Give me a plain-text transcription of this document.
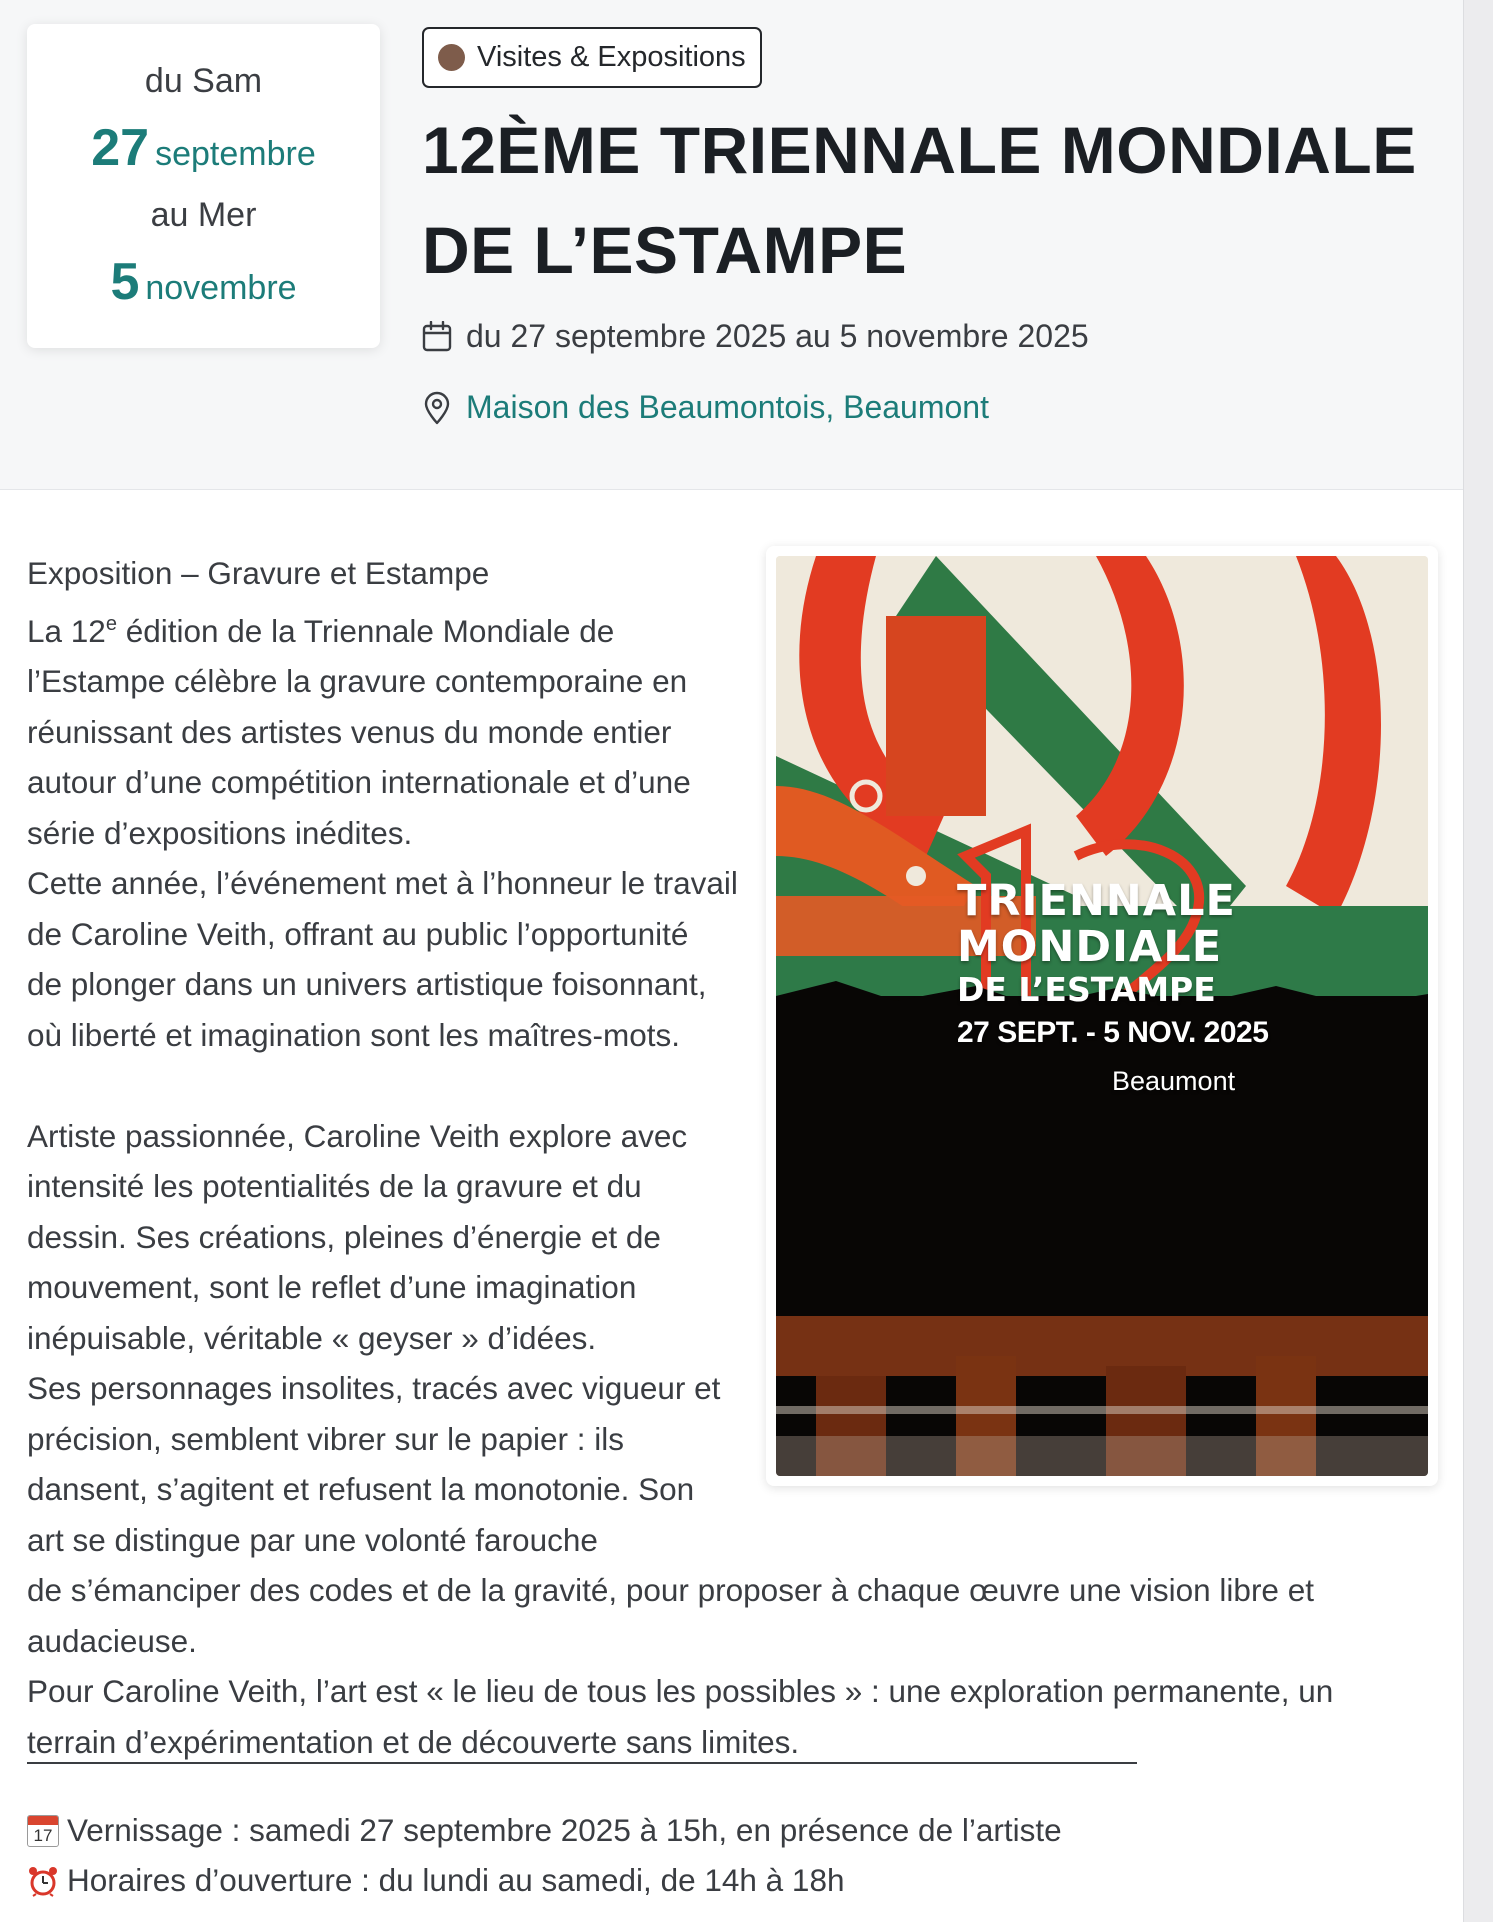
du Sam
27 septembre
au Mer
5 novembre
Visites & Expositions
12ÈME TRIENNALE MONDIALE
DE L’ESTAMPE
du 27 septembre 2025 au 5 novembre 2025
Maison des Beaumontois, Beaumont

Exposition – Gravure et Estampe

La 12e édition de la Triennale Mondiale de

l’Estampe célèbre la gravure contemporaine en

réunissant des artistes venus du monde entier

autour d’une compétition internationale et d’une

série d’expositions inédites.

Cette année, l’événement met à l’honneur le travail

de Caroline Veith, offrant au public l’opportunité

de plonger dans un univers artistique foisonnant,

où liberté et imagination sont les maîtres-mots.

Artiste passionnée, Caroline Veith explore avec

intensité les potentialités de la gravure et du

dessin. Ses créations, pleines d’énergie et de

mouvement, sont le reflet d’une imagination

inépuisable, véritable « geyser » d’idées.

Ses personnages insolites, tracés avec vigueur et

précision, semblent vibrer sur le papier : ils

dansent, s’agitent et refusent la monotonie. Son

art se distingue par une volonté farouche

de s’émanciper des codes et de la gravité, pour proposer à chaque œuvre une vision libre et

audacieuse.

Pour Caroline Veith, l’art est « le lieu de tous les possibles » : une exploration permanente, un

terrain d’expérimentation et de découverte sans limites.

TRIENNALE
MONDIALE
DE L’ESTAMPE
27 SEPT. - 5 NOV. 2025
Beaumont
17 Vernissage : samedi 27 septembre 2025 à 15h, en présence de l’artiste
Horaires d’ouverture : du lundi au samedi, de 14h à 18h
